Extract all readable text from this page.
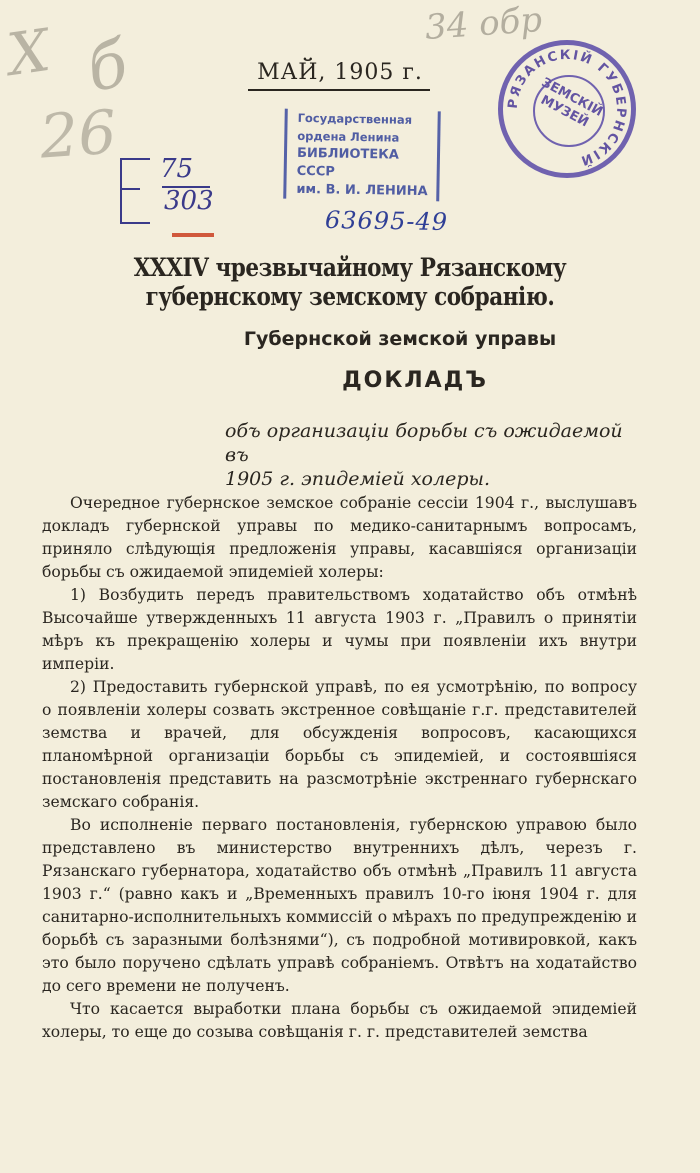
Х б
26
34 обр
МАЙ, 1905 г.
Государственная
ордена Ленина
БИБЛИОТЕКА СССР
им. В. И. ЛЕНИНА
РЯЗАНСКІЙ ГУБЕРНСКІЙ
ЗЕМСКІЙ МУЗЕЙ
75
303
63695-49
XXXIV чрезвычайному Рязанскому губернскому земскому собранію.
Губернской земской управы
ДОКЛАДЪ
объ организаціи борьбы съ ожидаемой въ
1905 г. эпидеміей холеры.

Очередное губернское земское собраніе сессіи 1904 г., выслушавъ докладъ губернской управы по медико-санитарнымъ вопросамъ, приняло слѣдующія предложенія управы, касавшіяся организаціи борьбы съ ожидаемой эпидеміей холеры:

1) Возбудить передъ правительствомъ ходатайство объ отмѣнѣ Высочайше утвержденныхъ 11 августа 1903 г. „Правилъ о принятіи мѣръ къ прекращенію холеры и чумы при появленіи ихъ внутри имперіи.

2) Предоставить губернской управѣ, по ея усмотрѣнію, по вопросу о появленіи холеры созвать экстренное совѣщаніе г.г. представителей земства и врачей, для обсужденія вопросовъ, касающихся планомѣрной организаціи борьбы съ эпидеміей, и состоявшіяся постановленія представить на разсмотрѣніе экстреннаго губернскаго земскаго собранія.

Во исполненіе перваго постановленія, губернскою управою было представлено въ министерство внутреннихъ дѣлъ, черезъ г. Рязанскаго губернатора, ходатайство объ отмѣнѣ „Правилъ 11 августа 1903 г.“ (равно какъ и „Временныхъ правилъ 10-го іюня 1904 г. для санитарно-исполнительныхъ коммиссій о мѣрахъ по предупрежденію и борьбѣ съ заразными болѣзнями“), съ подробной мотивировкой, какъ это было поручено сдѣлать управѣ собраніемъ. Отвѣтъ на ходатайство до сего времени не полученъ.

Что касается выработки плана борьбы съ ожидаемой эпидеміей холеры, то еще до созыва совѣщанія г. г. представителей земства
